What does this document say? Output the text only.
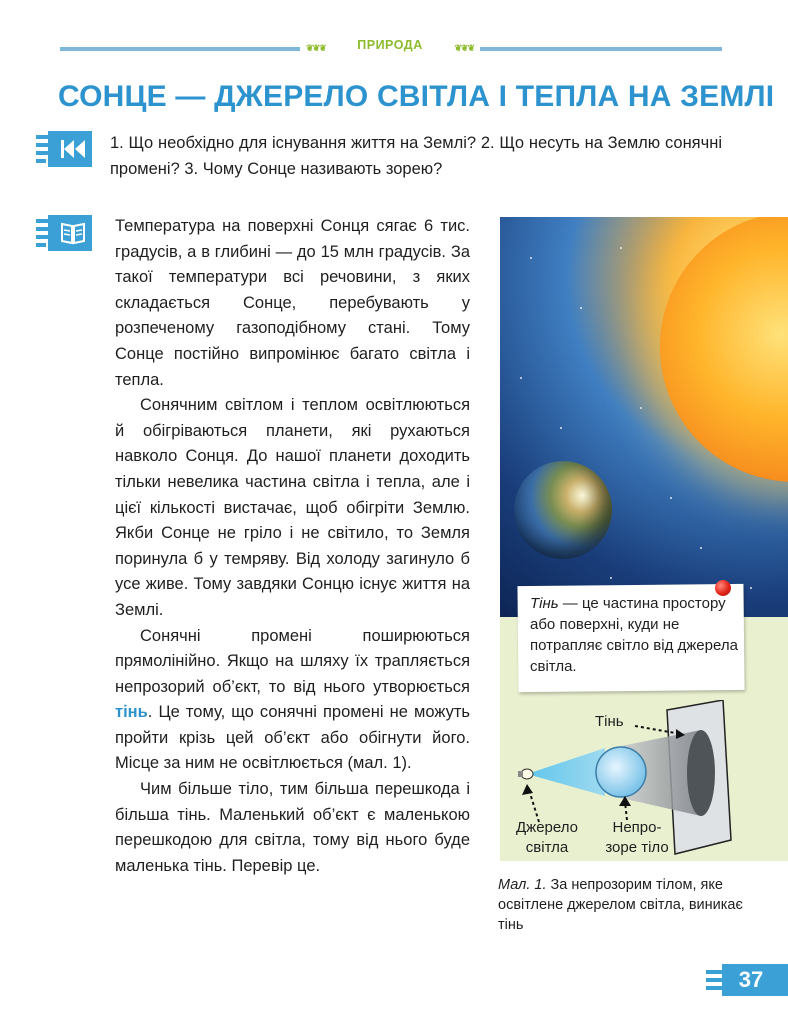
❦❦❦	ПРИРОДА	❦❦❦
СОНЦЕ — ДЖЕРЕЛО СВІТЛА І ТЕПЛА НА ЗЕМЛІ
1. Що необхідно для існування життя на Землі? 2. Що несуть на Землю сонячні промені? 3. Чому Сонце називають зорею?

Температура на поверхні Сонця сягає 6 тис. градусів, а в глибині — до 15 млн градусів. За такої температури всі речовини, з яких складається Сонце, перебувають у розпеченому газоподібному стані. Тому Сонце постійно випромінює багато світла і тепла.

Сонячним світлом і теплом освітлюються й обігріваються планети, які рухаються навколо Сонця. До нашої планети доходить тільки невелика частина світла і тепла, але і цієї кількості вистачає, щоб обігріти Землю. Якби Сонце не гріло і не світило, то Земля поринула б у темряву. Від холоду загинуло б усе живе. Тому завдяки Сонцю існує життя на Землі.

Сонячні промені поширюються прямолінійно. Якщо на шляху їх трапляється непрозорий об’єкт, то від нього утворюється тінь. Це тому, що сонячні промені не можуть пройти крізь цей об’єкт або обігнути його. Місце за ним не освітлюється (мал. 1).

Чим більше тіло, тим більша перешкода і більша тінь. Маленький об’єкт є маленькою перешкодою для світла, тому від нього буде маленька тінь. Перевір це.

Тінь — це частина простору або поверхні, куди не потрапляє світло від джерела світла.
Тінь
Джерело
світла
Непро-
зоре тіло
Мал. 1. За непрозорим тілом, яке освітлене джерелом світла, виникає тінь
37
